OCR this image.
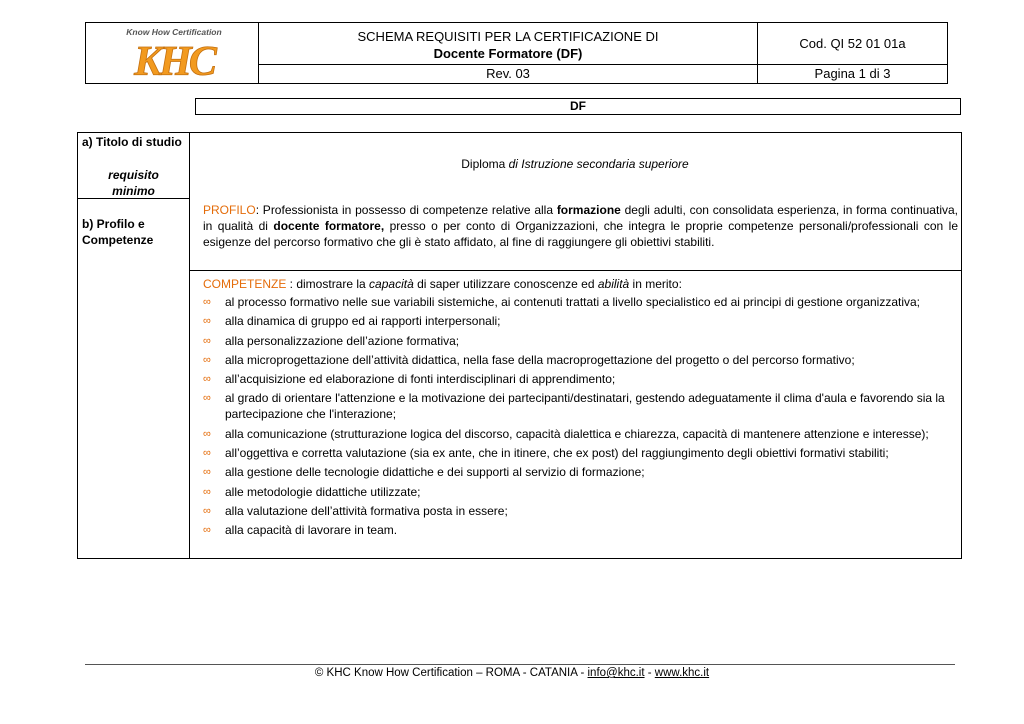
Know How Certification
KHC
SCHEMA REQUISITI PER LA CERTIFICAZIONE DI
Docente Formatore (DF)
Cod. QI 52 01 01a
Rev. 03	Pagina 1 di 3
DF
a) Titolo di studio
requisito
minimo
Diploma di Istruzione secondaria superiore
b) Profilo e
Competenze
PROFILO: Professionista in possesso di competenze relative alla formazione degli adulti, con consolidata esperienza, in forma continuativa, in qualità di docente formatore, presso o per conto di Organizzazioni, che integra le proprie competenze personali/professionali con le esigenze del percorso formativo che gli è stato affidato, al fine di raggiungere gli obiettivi stabiliti.
COMPETENZE : dimostrare la capacità di saper utilizzare conoscenze ed abilità in merito:
∞ al processo formativo nelle sue variabili sistemiche, ai contenuti trattati a livello specialistico ed ai principi di gestione organizzativa;
∞ alla dinamica di gruppo ed ai rapporti interpersonali;
∞ alla personalizzazione dell’azione formativa;
∞ alla microprogettazione dell’attività didattica, nella fase della macroprogettazione del progetto o del percorso formativo;
∞ all’acquisizione ed elaborazione di fonti interdisciplinari di apprendimento;
∞ al grado di orientare l'attenzione e la motivazione dei partecipanti/destinatari, gestendo adeguatamente il clima d'aula e favorendo sia la partecipazione che l'interazione;
∞ alla comunicazione (strutturazione logica del discorso, capacità dialettica e chiarezza, capacità di mantenere attenzione e interesse);
∞ all’oggettiva e corretta valutazione (sia ex ante, che in itinere, che ex post) del raggiungimento degli obiettivi formativi stabiliti;
∞ alla gestione delle tecnologie didattiche e dei supporti al servizio di formazione;
∞ alle metodologie didattiche utilizzate;
∞ alla valutazione dell’attività formativa posta in essere;
∞ alla capacità di lavorare in team.
© KHC Know How Certification – ROMA - CATANIA - info@khc.it - www.khc.it
